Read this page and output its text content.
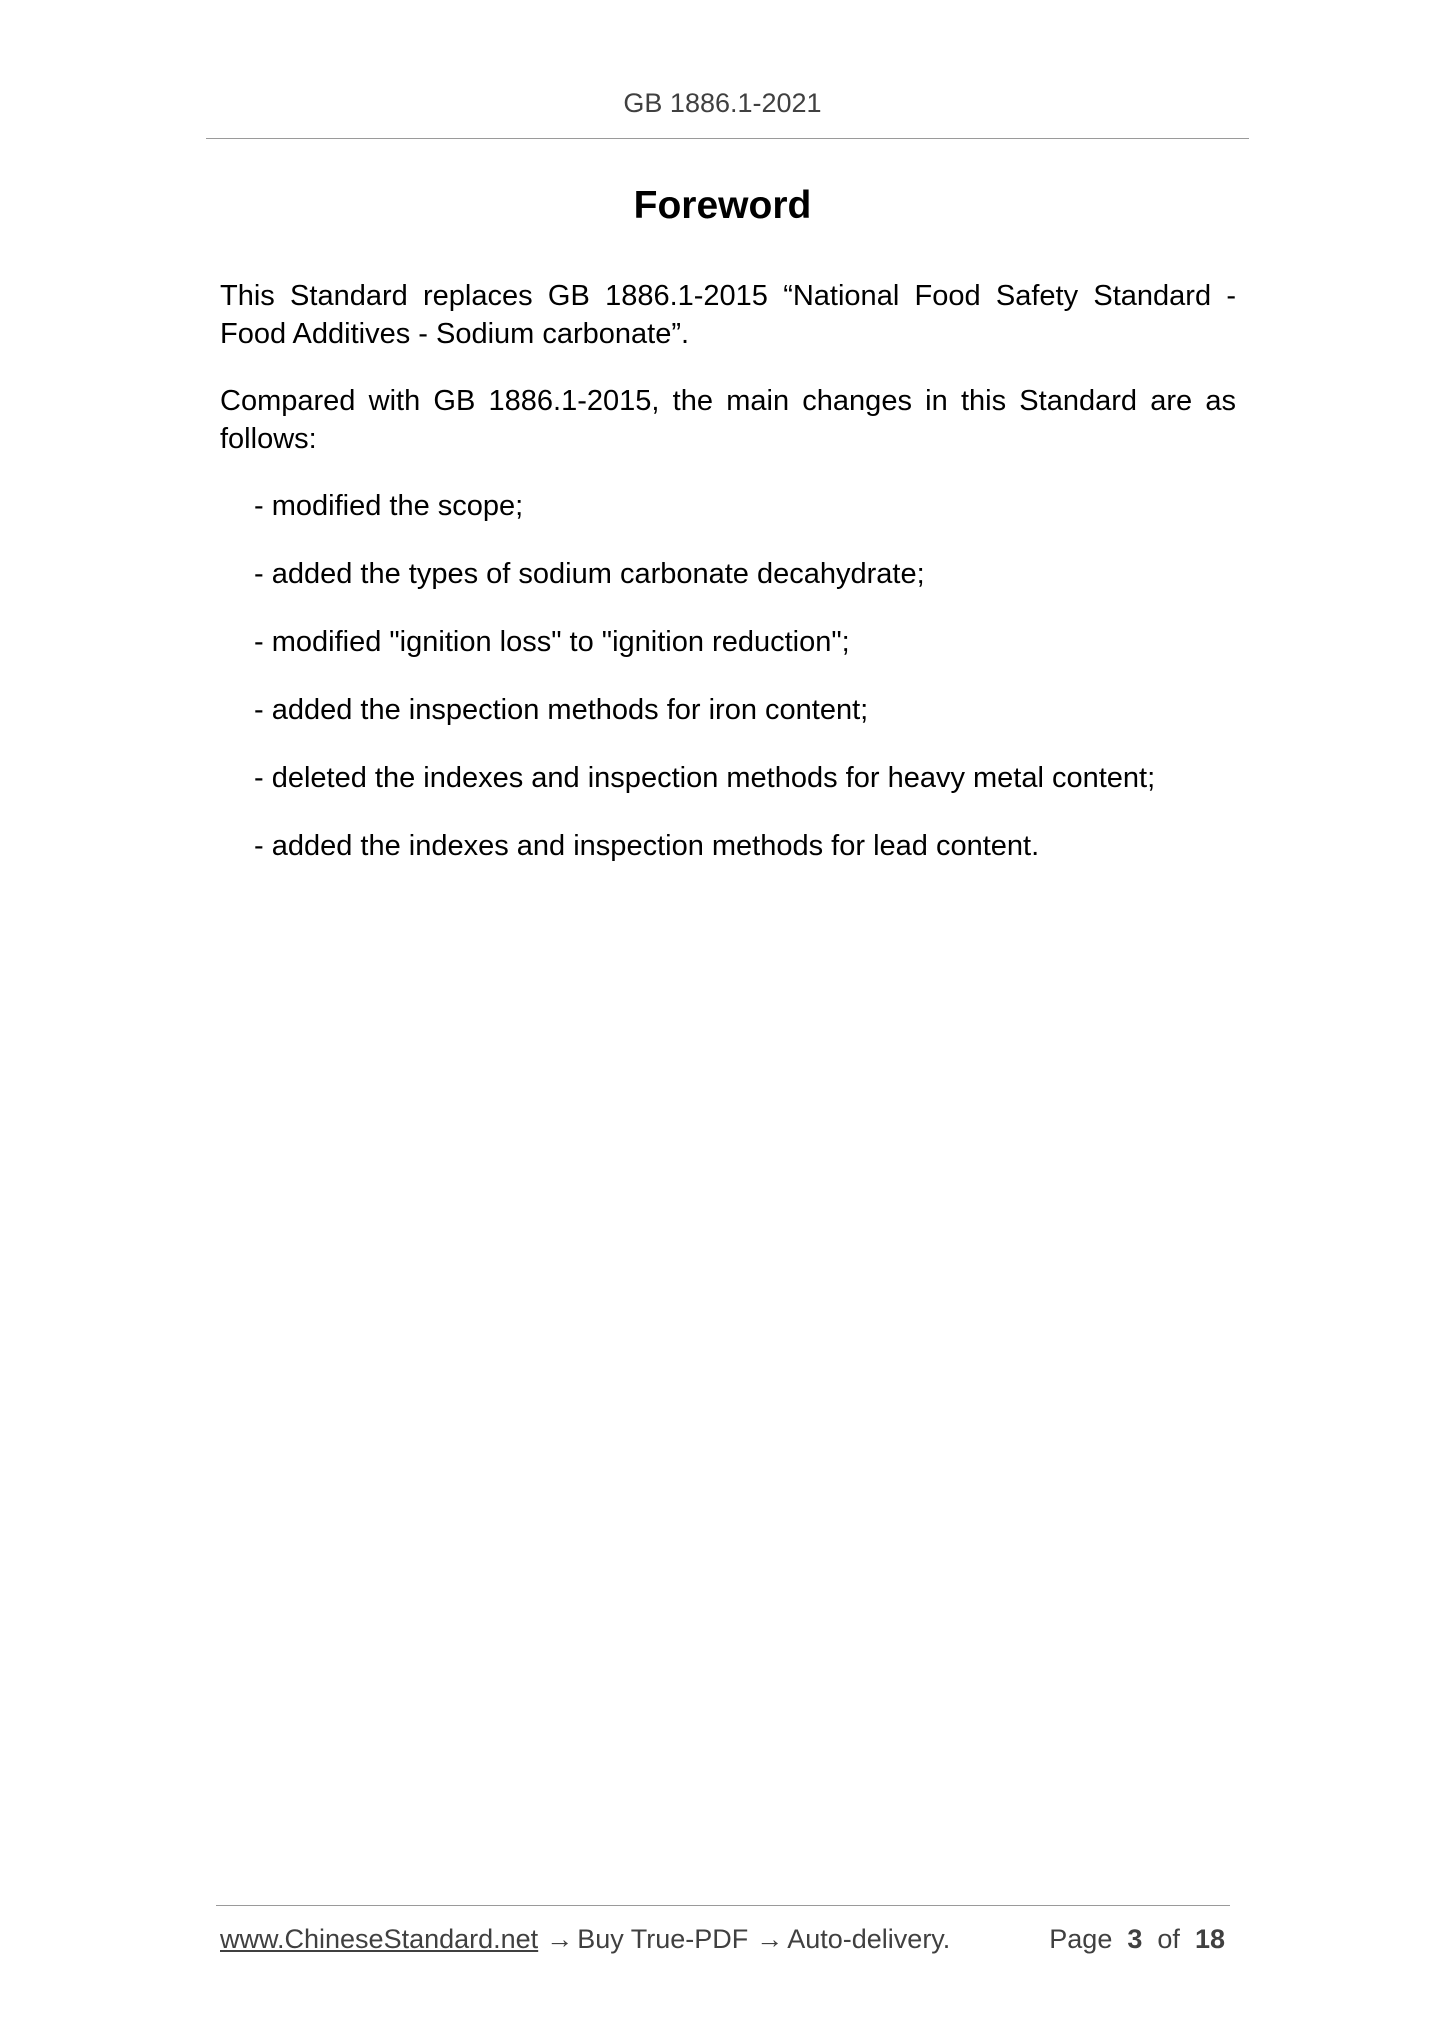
GB 1886.1-2021
Foreword

This Standard replaces GB 1886.1-2015 “National Food Safety Standard - Food Additives - Sodium carbonate”.

Compared with GB 1886.1-2015, the main changes in this Standard are as follows:

- modified the scope;
- added the types of sodium carbonate decahydrate;
- modified "ignition loss" to "ignition reduction";
- added the inspection methods for iron content;
- deleted the indexes and inspection methods for heavy metal content;
- added the indexes and inspection methods for lead content.
www.ChineseStandard.net → Buy True-PDF → Auto-delivery.	Page 3 of 18
